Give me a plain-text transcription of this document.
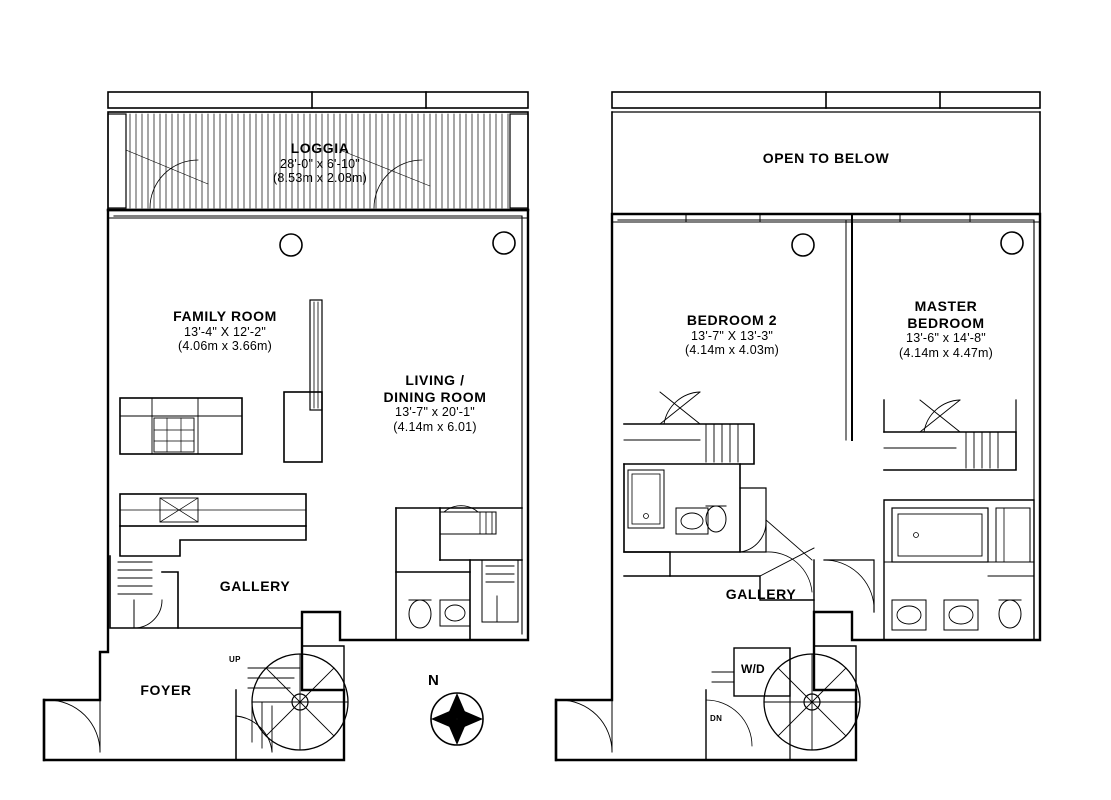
LOGGIA
28'-0" x 6'-10"
(8.53m x 2.08m)
FAMILY ROOM
13'-4" X 12'-2"
(4.06m x 3.66m)
LIVING /
DINING ROOM
13'-7" x 20'-1"
(4.14m x 6.01)
GALLERY
FOYER
OPEN TO BELOW
BEDROOM 2
13'-7" X 13'-3"
(4.14m x 4.03m)
MASTER
BEDROOM
13'-6" x 14'-8"
(4.14m x 4.47m)
GALLERY
UP
DN
W/D
N
